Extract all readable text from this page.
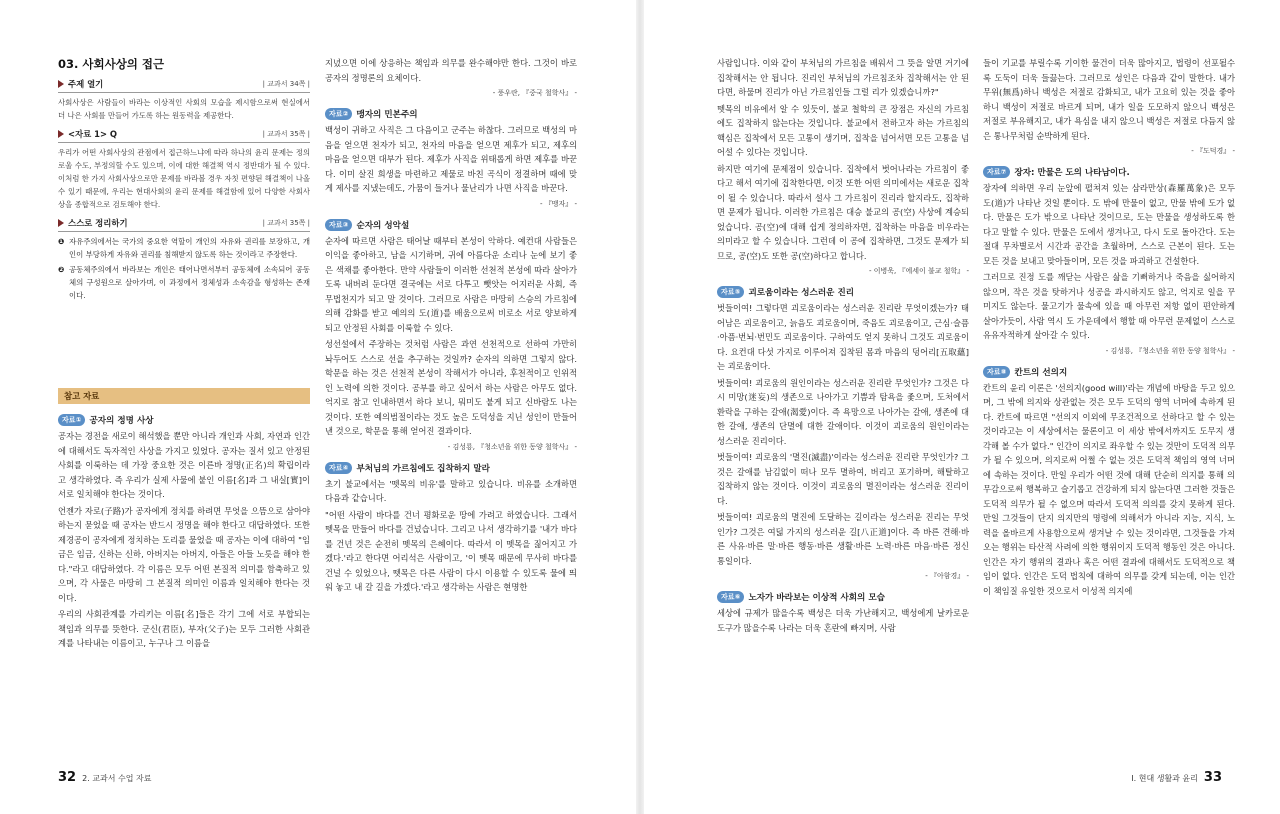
03. 사회사상의 접근
주제 열기	| 교과서 34쪽 |

사회사상은 사람들이 바라는 이상적인 사회의 모습을 제시함으로써 현실에서 더 나은 사회를 만들어 가도록 하는 원동력을 제공한다.

<자료 1> Q	| 교과서 35쪽 |

우리가 어떤 사회사상의 관점에서 접근하느냐에 따라 하나의 윤리 문제는 정의로울 수도, 부정의할 수도 있으며, 이에 대한 해결책 역시 정반대가 될 수 있다. 이처럼 한 가지 사회사상으로만 문제를 바라볼 경우 자칫 편향된 해결책이 나올 수 있기 때문에, 우리는 현대사회의 윤리 문제를 해결함에 있어 다양한 사회사상을 종합적으로 검토해야 한다.

스스로 정리하기	| 교과서 35쪽 |
❶ 자유주의에서는 국가의 중요한 역할이 개인의 자유와 권리를 보장하고, 개인이 부당하게 자유와 권리를 침해받지 않도록 하는 것이라고 주장한다.
❷ 공동체주의에서 바라보는 개인은 태어나면서부터 공동체에 소속되어 공동체의 구성원으로 살아가며, 이 과정에서 정체성과 소속감을 형성하는 존재이다.
참고 자료
자료① 공자의 정명 사상

공자는 경전을 새로이 해석했을 뿐만 아니라 개인과 사회, 자연과 인간에 대해서도 독자적인 사상을 가지고 있었다. 공자는 질서 있고 안정된 사회를 이룩하는 데 가장 중요한 것은 이른바 정명(正名)의 확립이라고 생각하였다. 즉 우리가 실제 사물에 붙인 이름[名]과 그 내실[實]이 서로 일치해야 한다는 것이다.

언젠가 자로(子路)가 공자에게 정치를 하려면 무엇을 으뜸으로 삼아야 하는지 묻었을 때 공자는 반드시 정명을 해야 한다고 대답하였다. 또한 제경공이 공자에게 정치하는 도리를 물었을 때 공자는 이에 대하여 "임금은 임금, 신하는 신하, 아버지는 아버지, 아들은 아들 노릇을 해야 한다."라고 대답하였다. 각 이름은 모두 어떤 본질적 의미를 함축하고 있으며, 각 사물은 마땅히 그 본질적 의미인 이름과 일치해야 한다는 것이다.

우리의 사회관계를 가리키는 이름[名]들은 각기 그에 서로 부합되는 책임과 의무를 뜻한다. 군신(君臣), 부자(父子)는 모두 그러한 사회관계를 나타내는 이름이고, 누구나 그 이름을

지녔으면 이에 상응하는 책임과 의무를 완수해야만 한다. 그것이 바로 공자의 정명론의 요체이다.

- 풍우란, 『중국 철학사』 -
자료② 맹자의 민본주의

백성이 귀하고 사직은 그 다음이고 군주는 하찮다. 그러므로 백성의 마음을 얻으면 천자가 되고, 천자의 마음을 얻으면 제후가 되고, 제후의 마음을 얻으면 대부가 된다. 제후가 사직을 위태롭게 하면 제후를 바꾼다. 이미 살진 희생을 마련하고 제물로 바친 곡식이 정결하며 때에 맞게 제사를 지냈는데도, 가뭄이 들거나 물난리가 나면 사직을 바꾼다.

- 『맹자』 -
자료③ 순자의 성악설

순자에 따르면 사람은 태어날 때부터 본성이 악하다. 예컨대 사람들은 이익을 좋아하고, 남을 시기하며, 귀에 아름다운 소리나 눈에 보기 좋은 색채를 좋아한다. 만약 사람들이 이러한 선천적 본성에 따라 살아가도록 내버려 둔다면 결국에는 서로 다투고 뺏앗는 어지러운 사회, 즉 무법천지가 되고 말 것이다. 그러므로 사람은 마땅히 스승의 가르침에 의해 감화를 받고 예의의 도(道)를 배움으로써 비로소 서로 양보하게 되고 안정된 사회를 이룩할 수 있다.

성선설에서 주장하는 것처럼 사람은 과연 선천적으로 선하여 가만히 놔두어도 스스로 선을 추구하는 것일까? 순자의 의하면 그렇지 않다. 학문을 하는 것은 선천적 본성이 작해서가 아니라, 후천적이고 인위적인 노력에 의한 것이다. 공부를 하고 싶어서 하는 사람은 아무도 없다. 억지로 참고 인내하면서 하다 보니, 뭐미도 붙게 되고 신바람도 나는 것이다. 또한 예의범절이라는 것도 높은 도덕성을 지닌 성인이 만들어 낸 것으로, 학문을 통해 얻어진 결과이다.

- 김성룡, 『청소년을 위한 동양 철학사』 -
자료④ 부처님의 가르침에도 집착하지 말라

초기 불교에서는 '뗏목의 비유'를 말하고 있습니다. 비유를 소개하면 다음과 같습니다.

"어떤 사람이 바다를 건너 평화로운 땅에 가려고 하였습니다. 그래서 뗏목을 만들어 바다를 건넜습니다. 그리고 나서 생각하기를 '내가 바다를 건넌 것은 순전히 뗏목의 은혜이다. 따라서 이 뗏목을 짊어지고 가겠다.'라고 한다면 어리석은 사람이고, '이 뗏목 때문에 무사히 바다를 건널 수 있었으나, 뗏목은 다른 사람이 다시 이용할 수 있도록 물에 띄워 놓고 내 갈 길을 가겠다.'라고 생각하는 사람은 현명한

사람입니다. 이와 같이 부처님의 가르침을 배워서 그 뜻을 알면 거기에 집착해서는 안 됩니다. 진리인 부처님의 가르침조차 집착해서는 안 된다면, 하물며 진리가 아닌 가르침인들 그럴 리가 있겠습니까?"

뗏목의 비유에서 알 수 있듯이, 불교 철학의 큰 장점은 자신의 가르침에도 집착하지 않는다는 것입니다. 불교에서 전하고자 하는 가르침의 핵심은 집착에서 모든 고통이 생기며, 집착을 넘어서면 모든 고통을 넘어설 수 있다는 것입니다.

하지만 여기에 문제점이 있습니다. 집착에서 벗어나라는 가르침이 좋다고 해서 여기에 집착한다면, 이것 또한 어떤 의미에서는 새로운 집착이 될 수 있습니다. 따라서 설사 그 가르침이 진리라 할지라도, 집착하면 문제가 됩니다. 이러한 가르침은 대승 불교의 공(空) 사상에 계승되었습니다. 공(空)에 대해 쉽게 정의하자면, 집착하는 마음을 비우라는 의미라고 할 수 있습니다. 그런데 이 공에 집착하면, 그것도 문제가 되므로, 공(空)도 또한 공(空)하다고 합니다.

- 이병욱, 『에세이 불교 철학』 -
자료⑤ 괴로움이라는 성스러운 진리

벗들이여! 그렇다면 괴로움이라는 성스러운 진리란 무엇이겠는가? 태어남은 괴로움이고, 늙음도 괴로움이며, 죽음도 괴로움이고, 근심·슬픔·아픔·번뇌·번민도 괴로움이다. 구하여도 얻지 못하니 그것도 괴로움이다. 요컨대 다섯 가지로 이루어져 집착된 몸과 마음의 덩어리[五取蘊]는 괴로움이다.

벗들이여! 괴로움의 원인이라는 성스러운 진리란 무엇인가? 그것은 다시 미망(迷妄)의 생존으로 나아가고 기쁨과 탐욕을 좇으며, 도처에서 환락을 구하는 갈애(渴愛)이다. 즉 욕망으로 나아가는 갈애, 생존에 대한 갈애, 생존의 단멸에 대한 갈애이다. 이것이 괴로움의 원인이라는 성스러운 진리이다.

벗들이여! 괴로움의 '멸진(滅盡)'이라는 성스러운 진리란 무엇인가? 그것은 갈애를 남김없이 떠나 모두 멸하여, 버리고 포기하며, 해탈하고 집착하지 않는 것이다. 이것이 괴로움의 멸진이라는 성스러운 진리이다.

벗들이여! 괴로움의 멸진에 도달하는 길이라는 성스러운 진리는 무엇인가? 그것은 여덟 가지의 성스러운 길[八正道]이다. 즉 바른 견해·바른 사유·바른 말·바른 행동·바른 생활·바른 노력·바른 마음·바른 정신 통일이다.

- 『아함경』 -
자료⑥ 노자가 바라보는 이상적 사회의 모습

세상에 규제가 많을수록 백성은 더욱 가난해지고, 백성에게 날카로운 도구가 많을수록 나라는 더욱 혼란에 빠지며, 사람

들이 기교를 부릴수록 기이한 물건이 더욱 많아지고, 법령이 선포될수록 도둑이 더욱 들끓는다. 그러므로 성인은 다음과 같이 말한다. 내가 무위(無爲)하니 백성은 저절로 감화되고, 내가 고요히 있는 것을 좋아하니 백성이 저절로 바르게 되며, 내가 일을 도모하지 않으니 백성은 저절로 부유해지고, 내가 욕심을 내지 않으니 백성은 저절로 다듬지 않은 통나무처럼 순박하게 된다.

- 『도덕경』 -
자료⑦ 장자: 만물은 도의 나타남이다.

장자에 의하면 우리 눈앞에 펼쳐져 있는 삼라만상(森羅萬象)은 모두 도(道)가 나타난 것일 뿐이다. 도 밖에 만물이 없고, 만물 밖에 도가 없다. 만물은 도가 밖으로 나타난 것이므로, 도는 만물을 생성하도록 한다고 말할 수 있다. 만물은 도에서 생겨나고, 다시 도로 돌아간다. 도는 절대 무차별로서 시간과 공간을 초월하며, 스스로 근본이 된다. 도는 모든 것을 보내고 맞아들이며, 모든 것을 파괴하고 건설한다.

그러므로 진정 도를 깨닫는 사람은 삶을 기뻐하거나 죽음을 싫어하지 않으며, 작은 것을 탓하거나 성공을 과시하지도 않고, 억지로 일을 꾸미지도 않는다. 물고기가 물속에 있을 때 아무런 저항 없이 편안하게 살아가듯이, 사람 역시 도 가운데에서 행할 때 아무런 문제없이 스스로 유유자적하게 살아갈 수 있다.

- 김성룡, 『청소년을 위한 동양 철학사』 -
자료⑧ 칸트의 선의지

칸트의 윤리 이론은 '선의지(good will)'라는 개념에 바탕을 두고 있으며, 그 밖에 의지와 상관없는 것은 모두 도덕의 영역 너머에 속하게 된다. 칸트에 따르면 "선의지 이외에 무조건적으로 선하다고 할 수 있는 것이라고는 이 세상에서는 물론이고 이 세상 밖에서까지도 도무지 생각해 볼 수가 없다." 인간이 의지로 좌우할 수 있는 것만이 도덕적 의무가 될 수 있으며, 의지로써 어쩔 수 없는 것은 도덕적 책임의 영역 너머에 속하는 것이다. 만일 우리가 어떤 것에 대해 단순히 의지를 통해 의무감으로써 행복하고 슬기롭고 건강하게 되지 않는다면 그러한 것들은 도덕적 의무가 될 수 없으며 따라서 도덕적 의의를 갖지 못하게 된다. 만일 그것들이 단지 의지만의 명령에 의해서가 아니라 지능, 지식, 노력을 올바르게 사용함으로써 생겨날 수 있는 것이라면, 그것들을 가져오는 행위는 타산적 사려에 의한 행위이지 도덕적 행동인 것은 아니다. 인간은 자기 행위의 결과나 혹은 어떤 결과에 대해서도 도덕적으로 책임이 없다. 인간은 도덕 법칙에 대하여 의무를 갖게 되는데, 이는 인간이 책임질 유일한 것으로서 이성적 의지에

32 2. 교과서 수업 자료	I. 현대 생활과 윤리 33
